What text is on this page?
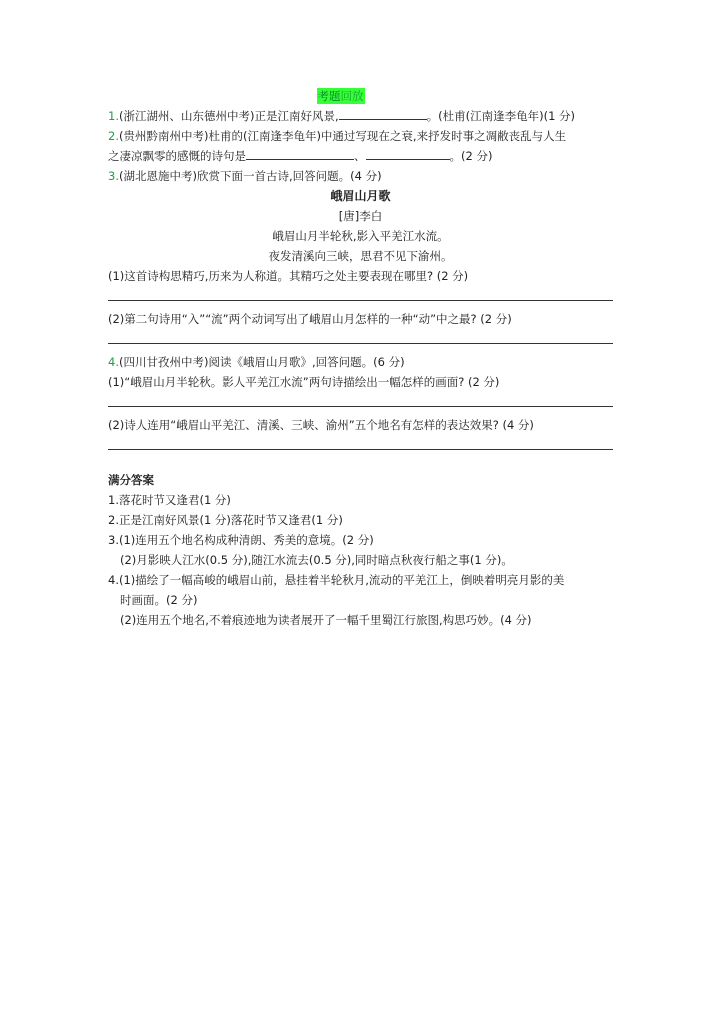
考题回放
1.(浙江湖州、山东德州中考)正是江南好风景,	。(杜甫(江南逢李龟年)(1 分)
2.(贵州黔南州中考)杜甫的(江南逢李龟年)中通过写现在之衰,来抒发时事之凋敝丧乱与人生
之凄凉飘零的感慨的诗句是	、	。(2 分)
3.(湖北恩施中考)欣赏下面一首古诗,回答问题。(4 分)
峨眉山月歌
[唐]李白
峨眉山月半轮秋,影入平羌江水流。
夜发清溪向三峡，思君不见下渝州。
(1)这首诗构思精巧,历来为人称道。其精巧之处主要表现在哪里? (2 分)
(2)第二句诗用“入”“流”两个动词写出了峨眉山月怎样的一种“动”中之最? (2 分)
4.(四川甘孜州中考)阅读《峨眉山月歌》,回答问题。(6 分)
(1)“峨眉山月半轮秋。影人平羌江水流”两句诗描绘出一幅怎样的画面? (2 分)
(2)诗人连用“峨眉山平羌江、清溪、三峡、渝州”五个地名有怎样的表达效果? (4 分)
满分答案
1.落花时节又逢君(1 分)
2.正是江南好风景(1 分)落花时节又逢君(1 分)
3.(1)连用五个地名构成种清朗、秀美的意境。(2 分)
(2)月影映人江水(0.5 分),随江水流去(0.5 分),同时暗点秋夜行船之事(1 分)。
4.(1)描绘了一幅高峻的峨眉山前，悬挂着半轮秋月,流动的平羌江上，倒映着明亮月影的美
时画面。(2 分)
(2)连用五个地名,不着痕迹地为读者展开了一幅千里蜀江行旅图,构思巧妙。(4 分)
